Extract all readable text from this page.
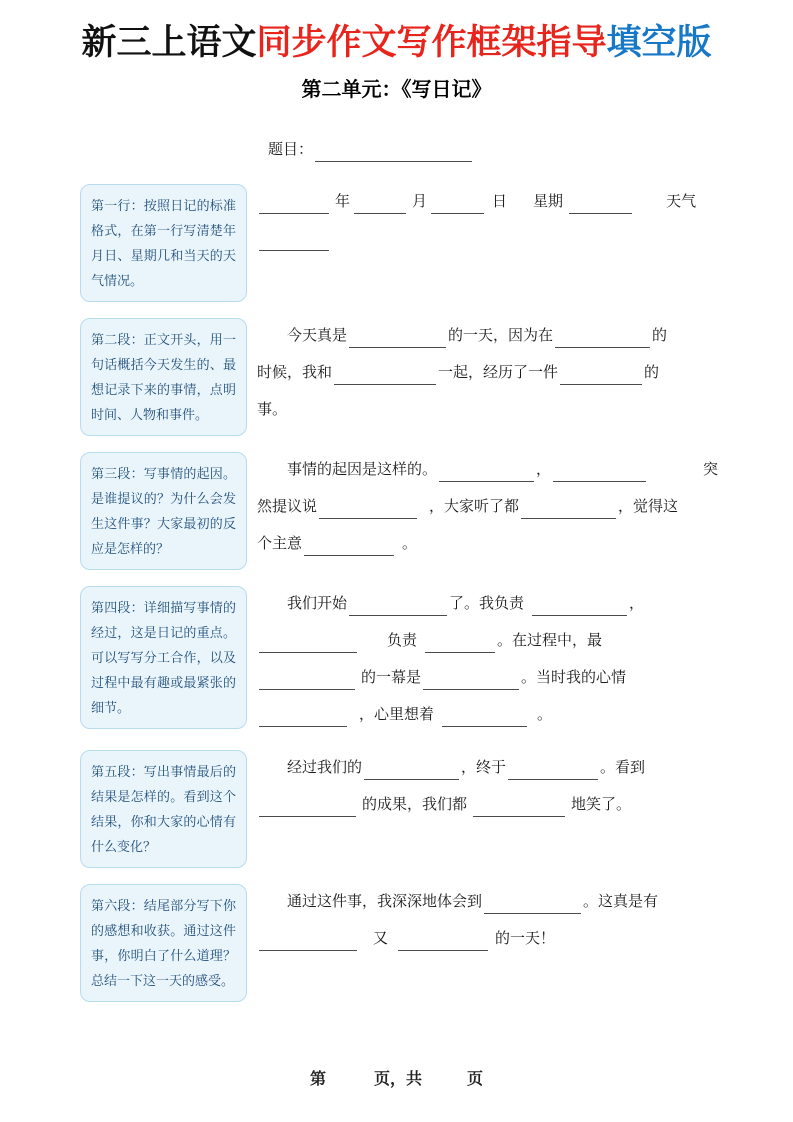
新三上语文同步作文写作框架指导填空版
第二单元：《写日记》
题目：
第一行：按照日记的标准格式，在第一行写清楚年月日、星期几和当天的天气情况。
年	月	日 星期	天气
第二段：正文开头，用一句话概括今天发生的、最想记录下来的事情，点明时间、人物和事件。
今天真是	的一天，因为在	的
时候，我和	一起，经历了一件	的
事。
第三段：写事情的起因。是谁提议的？为什么会发生这件事？大家最初的反应是怎样的？
事情的起因是这样的。	，	突
然提议说	，大家听了都	，觉得这
个主意	。
第四段：详细描写事情的经过，这是日记的重点。可以写写分工合作，以及过程中最有趣或最紧张的细节。
我们开始	了。我负责	，
负责	。在过程中，最
的一幕是	。当时我的心情
，心里想着	。
第五段：写出事情最后的结果是怎样的。看到这个结果，你和大家的心情有什么变化？
经过我们的	，终于	。看到
的成果，我们都	地笑了。
第六段：结尾部分写下你的感想和收获。通过这件事，你明白了什么道理？总结一下这一天的感受。
通过这件事，我深深地体会到	。这真是有
又	的一天！
第	页，共	页
